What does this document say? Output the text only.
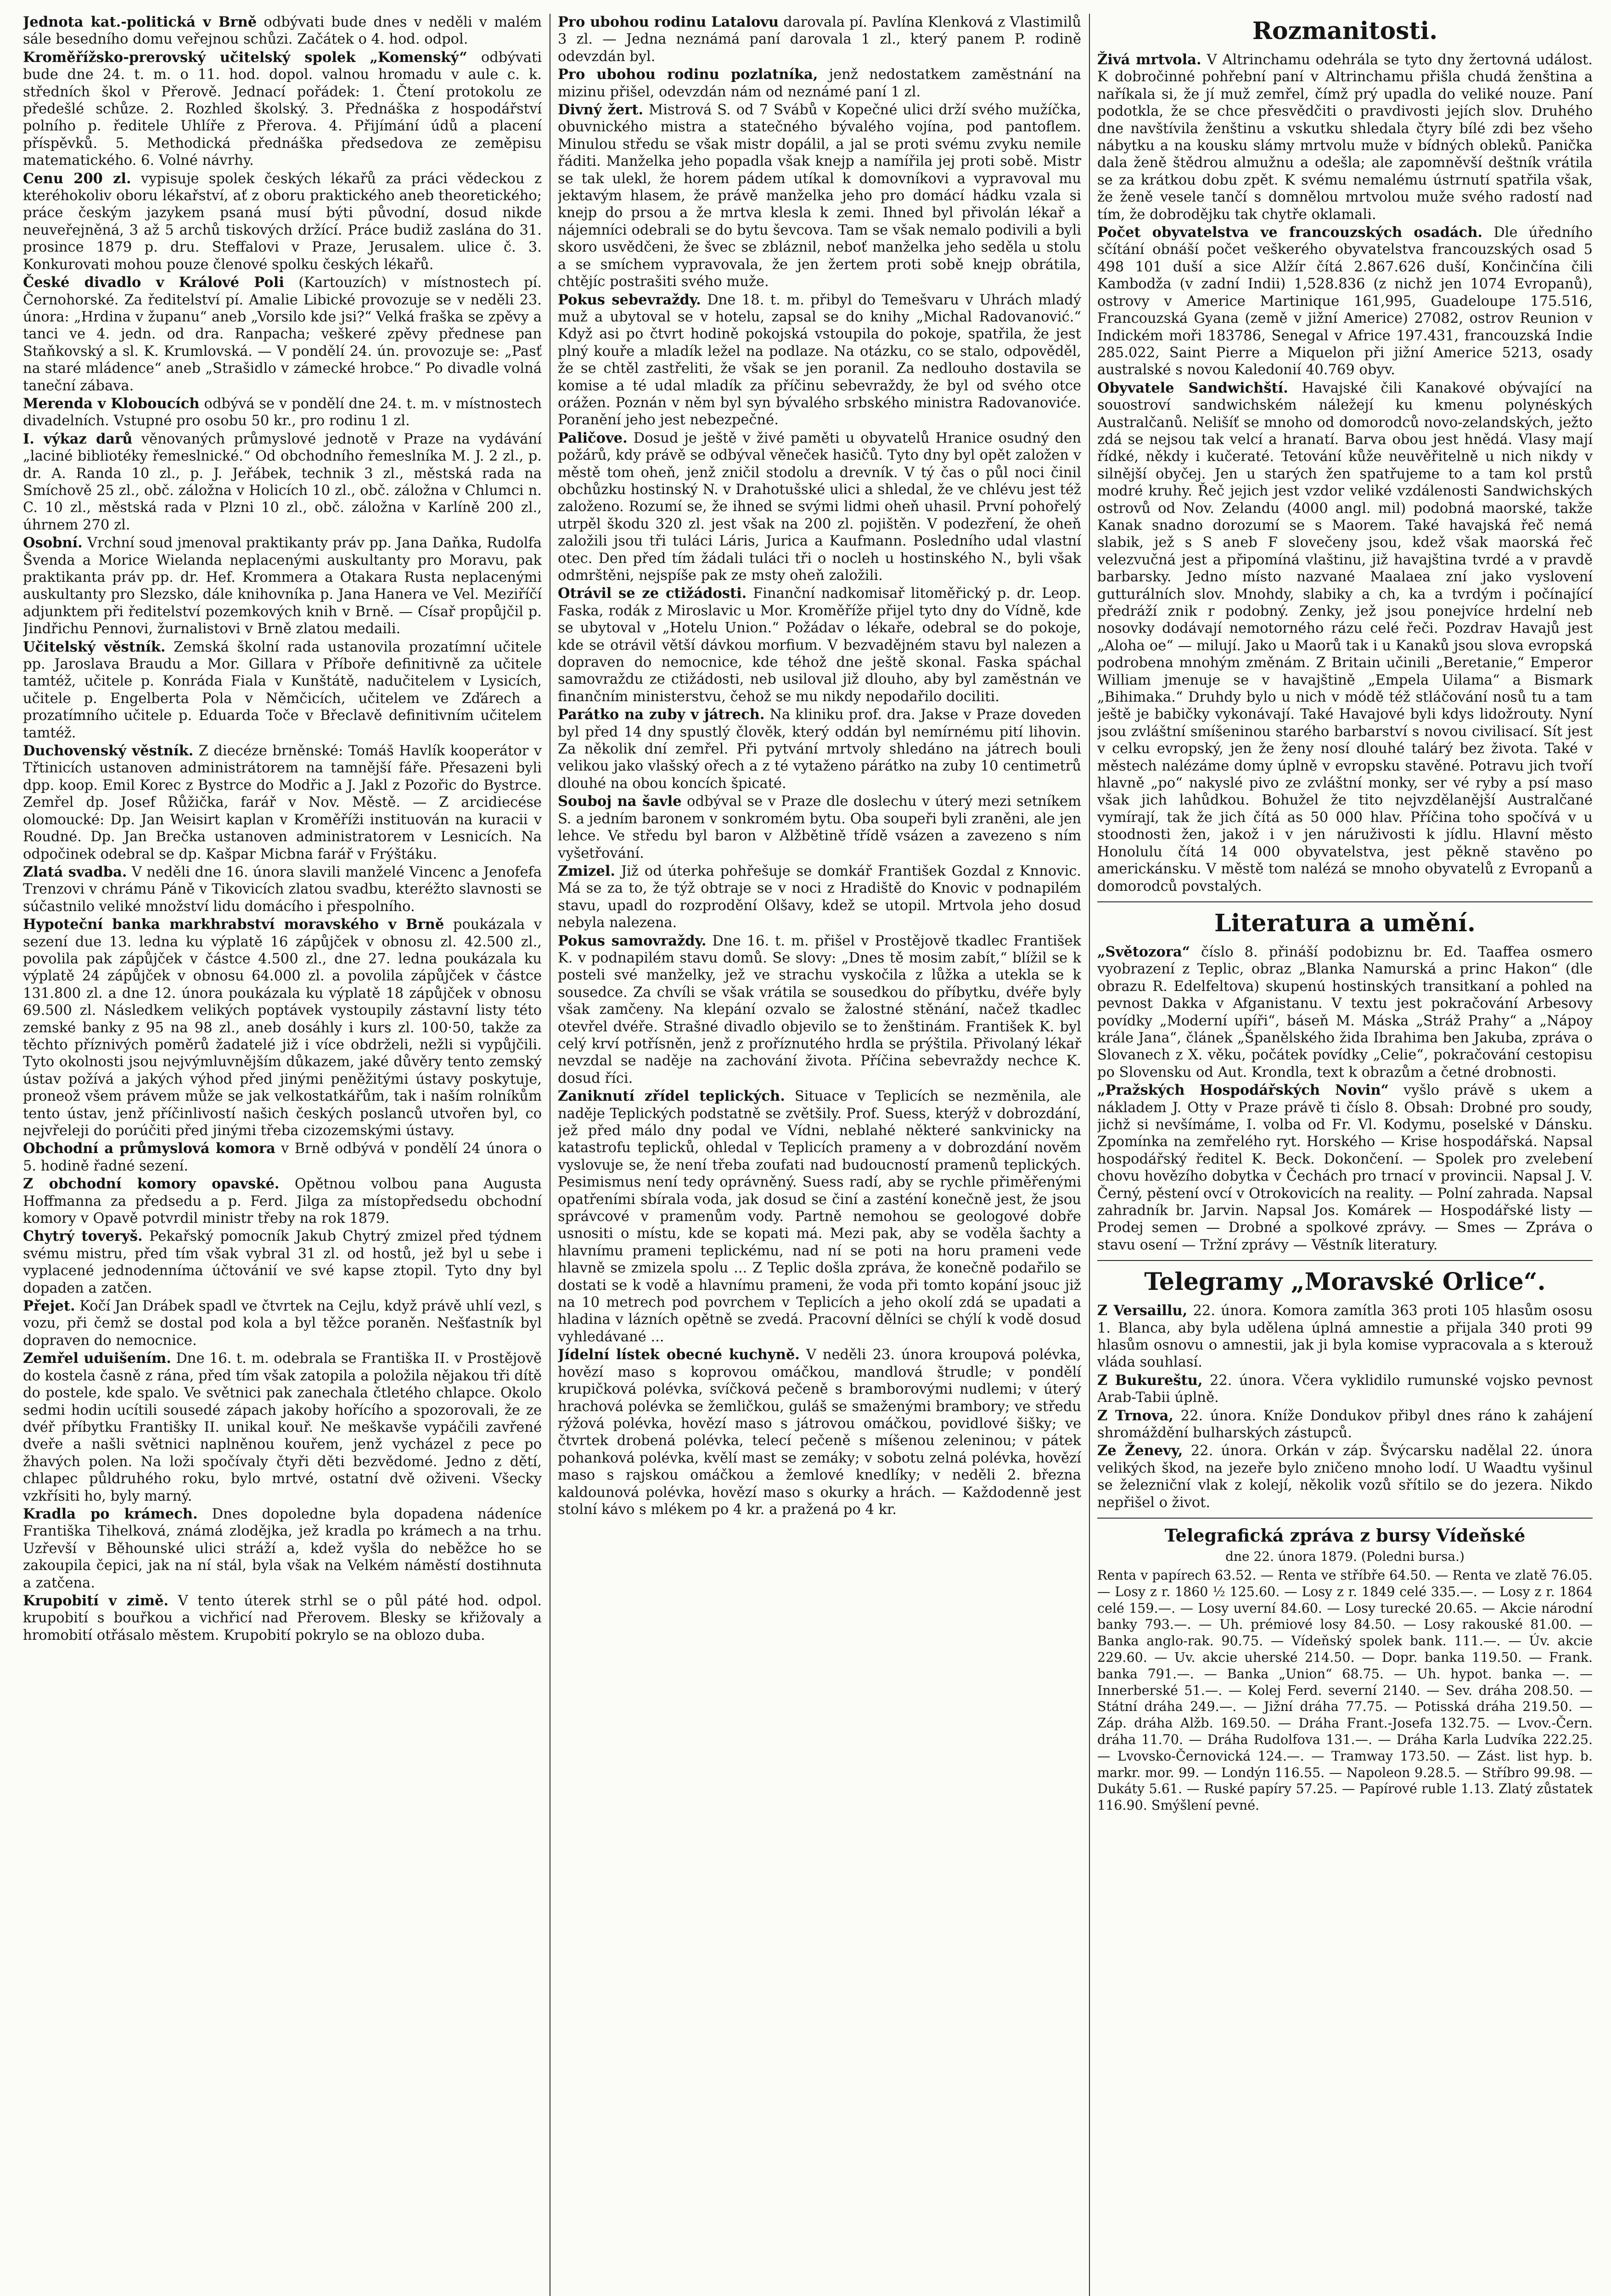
Jednota kat.-politická v Brně odbývati bude dnes v neděli v malém sále besedního domu veřejnou schůzi. Začátek o 4. hod. odpol.

Kroměřížsko-prerovský učitelský spolek „Komenský“ odbývati bude dne 24. t. m. o 11. hod. dopol. valnou hromadu v aule c. k. středních škol v Přerově. Jednací pořádek: 1. Čtení protokolu ze předešlé schůze. 2. Rozhled školský. 3. Přednáška z hospodářství polního p. ředitele Uhlíře z Přerova. 4. Přijímání údů a placení příspěvků. 5. Methodická přednáška předsedova ze zeměpisu matematického. 6. Volné návrhy.

Cenu 200 zl. vypisuje spolek českých lékařů za práci vědeckou z kteréhokoliv oboru lékařství, ať z oboru praktického aneb theoretického; práce českým jazykem psaná musí býti původní, dosud nikde neuveřejněná, 3 až 5 archů tiskových držící. Práce budiž zaslána do 31. prosince 1879 p. dru. Steffalovi v Praze, Jerusalem. ulice č. 3. Konkurovati mohou pouze členové spolku českých lékařů.

České divadlo v Králové Poli (Kartouzích) v místnostech pí. Černohorské. Za ředitelství pí. Amalie Libické provozuje se v neděli 23. února: „Hrdina v županu“ aneb „Vorsilo kde jsi?“ Velká fraška se zpěvy a tanci ve 4. jedn. od dra. Ranpacha; veškeré zpěvy přednese pan Staňkovský a sl. K. Krumlovská. — V pondělí 24. ún. provozuje se: „Pasť na staré mládence“ aneb „Strašidlo v zámecké hrobce.“ Po divadle volná taneční zábava.

Merenda v Kloboucích odbývá se v pondělí dne 24. t. m. v místnostech divadelních. Vstupné pro osobu 50 kr., pro rodinu 1 zl.

I. výkaz darů věnovaných průmyslové jednotě v Praze na vydávání „laciné bibliotéky řemeslnické.“ Od obchodního řemeslníka M. J. 2 zl., p. dr. A. Randa 10 zl., p. J. Jeřábek, technik 3 zl., městská rada na Smíchově 25 zl., obč. záložna v Holicích 10 zl., obč. záložna v Chlumci n. C. 10 zl., městská rada v Plzni 10 zl., obč. záložna v Karlíně 200 zl., úhrnem 270 zl.

Osobní. Vrchní soud jmenoval praktikanty práv pp. Jana Daňka, Rudolfa Švenda a Morice Wielanda neplacenými auskultanty pro Moravu, pak praktikanta práv pp. dr. Hef. Krommera a Otakara Rusta neplacenými auskultanty pro Slezsko, dále knihovníka p. Jana Hanera ve Vel. Meziříčí adjunktem při ředitelství pozemkových knih v Brně. — Císař propůjčil p. Jindřichu Pennovi, žurnalistovi v Brně zlatou medaili.

Učitelský věstník. Zemská školní rada ustanovila prozatímní učitele pp. Jaroslava Braudu a Mor. Gillara v Příboře definitivně za učitele tamtéž, učitele p. Konráda Fiala v Kunštátě, nadučitelem v Lysicích, učitele p. Engelberta Pola v Němčicích, učitelem ve Zďárech a prozatímního učitele p. Eduarda Toče v Břeclavě definitivním učitelem tamtéž.

Duchovenský věstník. Z diecéze brněnské: Tomáš Havlík kooperátor v Třtinicích ustanoven administrátorem na tamnější fáře. Přesazeni byli dpp. koop. Emil Korec z Bystrce do Modřic a J. Jakl z Pozořic do Bystrce. Zemřel dp. Josef Růžička, farář v Nov. Městě. — Z arcidiecése olomoucké: Dp. Jan Weisirt kaplan v Kroměříži instituován na kuracii v Roudné. Dp. Jan Brečka ustanoven administratorem v Lesnicích. Na odpočinek odebral se dp. Kašpar Micbna farář v Frýštáku.

Zlatá svadba. V neděli dne 16. února slavili manželé Vincenc a Jenofefa Trenzovi v chrámu Páně v Tikovicích zlatou svadbu, kteréžto slavnosti se súčastnilo veliké množství lidu domácího i přespolního.

Hypoteční banka markhrabství moravského v Brně poukázala v sezení due 13. ledna ku výplatě 16 zápůjček v obnosu zl. 42.500 zl., povolila pak zápůjček v částce 4.500 zl., dne 27. ledna poukázala ku výplatě 24 zápůjček v obnosu 64.000 zl. a povolila zápůjček v částce 131.800 zl. a dne 12. února poukázala ku výplatě 18 zápůjček v obnosu 69.500 zl. Následkem velikých poptávek vystoupily zástavní listy této zemské banky z 95 na 98 zl., aneb dosáhly i kurs zl. 100·50, takže za těchto příznivých poměrů žadatelé již i více obdrželi, nežli si vypůjčili. Tyto okolnosti jsou nejvýmluvnějším důkazem, jaké důvěry tento zemský ústav požívá a jakých výhod před jinými peněžitými ústavy poskytuje, proneož všem právem může se jak velkostatkářům, tak i naším rolníkům tento ústav, jenž příčinlivostí našich českých poslanců utvořen byl, co nejvřeleji do porúčiti před jinými třeba cizozemskými ústavy.

Obchodní a průmyslová komora v Brně odbývá v pondělí 24 února o 5. hodině řadné sezení.

Z obchodní komory opavské. Opětnou volbou pana Augusta Hoffmanna za předsedu a p. Ferd. Jilga za místopředsedu obchodní komory v Opavě potvrdil ministr třeby na rok 1879.

Chytrý toveryš. Pekařský pomocník Jakub Chytrý zmizel před týdnem svému mistru, před tím však vybral 31 zl. od hostů, jež byl u sebe i vyplacené jednodenníma účtovánií ve své kapse ztopil. Tyto dny byl dopaden a zatčen.

Přejet. Kočí Jan Drábek spadl ve čtvrtek na Cejlu, když právě uhlí vezl, s vozu, při čemž se dostal pod kola a byl těžce poraněn. Nešťastník byl dopraven do nemocnice.

Zemřel uduišením. Dne 16. t. m. odebrala se Františka II. v Prostějově do kostela časně z rána, před tím však zatopila a položila nějakou tři dítě do postele, kde spalo. Ve světnici pak zanechala čtletého chlapce. Okolo sedmi hodin ucítili sousedé zápach jakoby hořícího a spozorovali, že ze dvéř příbytku Františky II. unikal kouř. Ne meškavše vypáčili zavřené dveře a našli světnici naplněnou kouřem, jenž vycházel z pece po žhavých polen. Na loži spočívaly čtyři děti bezvědomé. Jedno z dětí, chlapec půldruhého roku, bylo mrtvé, ostatní dvě oživeni. Všecky vzkřísiti ho, byly marný.

Kradla po krámech. Dnes dopoledne byla dopadena nádeníce Františka Tihelková, známá zlodějka, jež kradla po krámech a na trhu. Uzřevší v Běhounské ulici stráží a, kdež vyšla do neběžce ho se zakoupila čepici, jak na ní stál, byla však na Velkém náměstí dostihnuta a zatčena.

Krupobití v zimě. V tento úterek strhl se o půl páté hod. odpol. krupobití s bouřkou a vichřicí nad Přerovem. Blesky se křižovaly a hromobití otřásalo městem. Krupobití pokrylo se na oblozo duba.

Pro ubohou rodinu Latalovu darovala pí. Pavlína Klenková z Vlastimilů 3 zl. — Jedna neznámá paní darovala 1 zl., který panem P. rodině odevzdán byl.

Pro ubohou rodinu pozlatníka, jenž nedostatkem zaměstnání na mizinu přišel, odevzdán nám od neznámé paní 1 zl.

Divný žert. Mistrová S. od 7 Svábů v Kopečné ulici drží svého mužíčka, obuvnického mistra a statečného bývalého vojína, pod pantoflem. Minulou středu se však mistr dopálil, a jal se proti svému zvyku nemile řáditi. Manželka jeho popadla však knejp a namířila jej proti sobě. Mistr se tak ulekl, že horem pádem utíkal k domovníkovi a vypravoval mu jektavým hlasem, že právě manželka jeho pro domácí hádku vzala si knejp do prsou a že mrtva klesla k zemi. Ihned byl přivolán lékař a nájemníci odebrali se do bytu ševcova. Tam se však nemalo podivili a byli skoro usvědčeni, že švec se zbláznil, neboť manželka jeho seděla u stolu a se smíchem vypravovala, že jen žertem proti sobě knejp obrátila, chtějíc postrašiti svého muže.

Pokus sebevraždy. Dne 18. t. m. přibyl do Temešvaru v Uhrách mladý muž a ubytoval se v hotelu, zapsal se do knihy „Michal Radovanović.“ Když asi po čtvrt hodině pokojská vstoupila do pokoje, spatřila, že jest plný kouře a mladík ležel na podlaze. Na otázku, co se stalo, odpověděl, že se chtěl zastřeliti, že však se jen poranil. Za nedlouho dostavila se komise a té udal mladík za příčinu sebevraždy, že byl od svého otce orážen. Poznán v něm byl syn bývalého srbského ministra Radovanoviće. Poranění jeho jest nebezpečné.

Paličove. Dosud je ještě v živé paměti u obyvatelů Hranice osudný den požárů, kdy právě se odbýval věneček hasičů. Tyto dny byl opět založen v městě tom oheň, jenž zničil stodolu a drevník. V tý čas o půl noci činil obchůzku hostinský N. v Drahotušské ulici a shledal, že ve chlévu jest též založeno. Rozumí se, že ihned se svými lidmi oheň uhasil. První pohořelý utrpěl škodu 320 zl. jest však na 200 zl. pojištěn. V podezření, že oheň založili jsou tři tuláci Láris, Jurica a Kaufmann. Posledního udal vlastní otec. Den před tím žádali tuláci tři o nocleh u hostinského N., byli však odmrštěni, nejspíše pak ze msty oheň založili.

Otrávil se ze ctižádosti. Finanční nadkomisař litoměřický p. dr. Leop. Faska, rodák z Miroslavic u Mor. Kroměříže přijel tyto dny do Vídně, kde se ubytoval v „Hotelu Union.“ Požádav o lékaře, odebral se do pokoje, kde se otrávil větší dávkou morfium. V bezvadějném stavu byl nalezen a dopraven do nemocnice, kde téhož dne ještě skonal. Faska spáchal samovraždu ze ctižádosti, neb usiloval již dlouho, aby byl zaměstnán ve finančním ministerstvu, čehož se mu nikdy nepodařilo dociliti.

Parátko na zuby v játrech. Na kliniku prof. dra. Jakse v Praze doveden byl před 14 dny spustlý člověk, který oddán byl nemírnému pití lihovin. Za několik dní zemřel. Při pytvání mrtvoly shledáno na játrech bouli velikou jako vlašský ořech a z té vytaženo párátko na zuby 10 centimetrů dlouhé na obou koncích špicaté.

Souboj na šavle odbýval se v Praze dle doslechu v úterý mezi setníkem S. a jedním baronem v sonkromém bytu. Oba soupeři byli zraněni, ale jen lehce. Ve středu byl baron v Alžbětině třídě vsázen a zavezeno s ním vyšetřování.

Zmizel. Již od úterka pohřešuje se domkář František Gozdal z Knnovic. Má se za to, že týž obtraje se v noci z Hradiště do Knovic v podnapilém stavu, upadl do rozprodění Olšavy, kdež se utopil. Mrtvola jeho dosud nebyla nalezena.

Pokus samovraždy. Dne 16. t. m. přišel v Prostějově tkadlec František K. v podnapilém stavu domů. Se slovy: „Dnes tě mosim zabít,“ blížil se k posteli své manželky, jež ve strachu vyskočila z lůžka a utekla se k sousedce. Za chvíli se však vrátila se sousedkou do příbytku, dvéře byly však zamčeny. Na klepání ozvalo se žalostné stěnání, načež tkadlec otevřel dvéře. Strašné divadlo objevilo se to ženštinám. František K. byl celý krví potřísněn, jenž z proříznutého hrdla se prýštila. Přivolaný lékař nevzdal se naděje na zachování života. Příčina sebevraždy nechce K. dosud říci.

Zaniknutí zřídel teplických. Situace v Teplicích se nezměnila, ale naděje Teplických podstatně se zvětšily. Prof. Suess, kterýž v dobrozdání, jež před málo dny podal ve Vídni, neblahé některé sankvinicky na katastrofu teplicků, ohledal v Teplicích prameny a v dobrozdání nověm vyslovuje se, že není třeba zoufati nad budoucností pramenů teplických. Pesimismus není tedy oprávněný. Suess radí, aby se rychle přiměřenými opatřeními sbírala voda, jak dosud se činí a zasténí konečně jest, že jsou správcové v pramenům vody. Partně nemohou se geologové dobře usnositi o místu, kde se kopati má. Mezi pak, aby se voděla šachty a hlavnímu prameni teplickému, nad ní se poti na horu prameni vede hlavně se zmizela spolu ... Z Teplic došla zpráva, že konečně podařilo se dostati se k vodě a hlavnímu prameni, že voda při tomto kopání jsouc již na 10 metrech pod povrchem v Teplicích a jeho okolí zdá se upadati a hladina v lázních opětně se zvedá. Pracovní dělníci se chýlí k vodě dosud vyhledávané ...

Jídelní lístek obecné kuchyně. V neděli 23. února kroupová polévka, hovězí maso s koprovou omáčkou, mandlová štrudle; v pondělí krupičková polévka, svíčková pečeně s bramborovými nudlemi; v úterý hrachová polévka se žemličkou, guláš se smaženými brambory; ve středu rýžová polévka, hovězí maso s játrovou omáčkou, povidlové šišky; ve čtvrtek drobená polévka, telecí pečeně s míšenou zeleninou; v pátek pohanková polévka, kvělí mast se zemáky; v sobotu zelná polévka, hovězí maso s rajskou omáčkou a žemlové knedlíky; v neděli 2. března kaldounová polévka, hovězí maso s okurky a hrách. — Každodenně jest stolní kávo s mlékem po 4 kr. a pražená po 4 kr.

Rozmanitosti.

Živá mrtvola. V Altrinchamu odehrála se tyto dny žertovná událost. K dobročinné pohřební paní v Altrinchamu přišla chudá ženština a naříkala si, že jí muž zemřel, čímž prý upadla do veliké nouze. Paní podotkla, že se chce přesvědčiti o pravdivosti jejích slov. Druhého dne navštívila ženštinu a vskutku shledala čtyry bílé zdi bez všeho nábytku a na kousku slámy mrtvolu muže v bídných obleků. Panička dala ženě štědrou almužnu a odešla; ale zapomněvší deštník vrátila se za krátkou dobu zpět. K svému nemalému ústrnutí spatřila však, že ženě vesele tančí s domnělou mrtvolou muže svého radostí nad tím, že dobrodějku tak chytře oklamali.

Počet obyvatelstva ve francouzských osadách. Dle úředního sčítání obnáší počet veškerého obyvatelstva francouzských osad 5 498 101 duší a sice Alžír čítá 2.867.626 duší, Končinčína čili Kambodža (v zadní Indii) 1,528.836 (z nichž jen 1074 Evropanů), ostrovy v Americe Martinique 161,995, Guadeloupe 175.516, Francouzská Gyana (země v jižní Americe) 27082, ostrov Reunion v Indickém moři 183786, Senegal v Africe 197.431, francouzská Indie 285.022, Saint Pierre a Miquelon při jižní Americe 5213, osady australské s novou Kaledonií 40.769 obyv.

Obyvatele Sandwichští. Havajské čili Kanakové obývající na souostroví sandwichském náležejí ku kmenu polynéských Australčanů. Nelišíť se mnoho od domorodců novo-zelandských, ježto zdá se nejsou tak velcí a hranatí. Barva obou jest hnědá. Vlasy mají řídké, někdy i kučeraté. Tetování kůže neuvěřitelně u nich nikdy v silnější obyčej. Jen u starých žen spatřujeme to a tam kol prstů modré kruhy. Řeč jejich jest vzdor veliké vzdálenosti Sandwichských ostrovů od Nov. Zelandu (4000 angl. mil) podobná maorské, takže Kanak snadno dorozumí se s Maorem. Také havajská řeč nemá slabik, jež s S aneb F slovečeny jsou, kdež však maorská řeč velezvučná jest a připomíná vlaštinu, již havajština tvrdé a v pravdě barbarsky. Jedno místo nazvané Maalaea zní jako vyslovení gutturálních slov. Mnohdy, slabiky a ch, ka a tvrdým i počínající předráží znik r podobný. Zenky, jež jsou ponejvíce hrdelní neb nosovky dodávají nemotorného rázu celé řeči. Pozdrav Havajů jest „Aloha oe“ — milují. Jako u Maorů tak i u Kanaků jsou slova evropská podrobena mnohým změnám. Z Britain učinili „Beretanie,“ Emperor William jmenuje se v havajštině „Empela Uilama“ a Bismark „Bihimaka.“ Druhdy bylo u nich v módě též stláčování nosů tu a tam ještě je babičky vykonávají. Také Havajové byli kdys lidožrouty. Nyní jsou zvláštní smíšeninou starého barbarství s novou civilisací. Sít jest v celku evropský, jen že ženy nosí dlouhé talárý bez života. Také v městech nalézáme domy úplně v evropsku stavěné. Potravu jich tvoří hlavně „po“ nakyslé pivo ze zvláštní monky, ser vé ryby a psí maso však jich lahůdkou. Bohužel že tito nejvzdělanější Australčané vymírají, tak že jich čítá as 50 000 hlav. Příčina toho spočívá v u stoodnosti žen, jakož i v jen náruživosti k jídlu. Hlavní město Honolulu čítá 14 000 obyvatelstva, jest pěkně stavěno po americkánsku. V městě tom nalézá se mnoho obyvatelů z Evropanů a domorodců povstalých.

Literatura a umění.

„Světozora“ číslo 8. přináší podobiznu br. Ed. Taaffea osmero vyobrazení z Teplic, obraz „Blanka Namurská a princ Hakon“ (dle obrazu R. Edelfeltova) skupenú hostinských transitkaní a pohled na pevnost Dakka v Afganistanu. V textu jest pokračování Arbesovy povídky „Moderní upíři“, báseň M. Máska „Stráž Prahy“ a „Nápoy krále Jana“, článek „Španělského žida Ibrahima ben Jakuba, zpráva o Slovanech z X. věku, počátek povídky „Celie“, pokračování cestopisu po Slovensku od Aut. Krondla, text k obrazům a četné drobnosti.

„Pražských Hospodářských Novin“ vyšlo právě s ukem a nákladem J. Otty v Praze právě ti číslo 8. Obsah: Drobné pro soudy, jichž si nevšímáme, I. volba od Fr. Vl. Kodymu, poselské v Dánsku. Zpomínka na zemřelého ryt. Horského — Krise hospodářská. Napsal hospodářský ředitel K. Beck. Dokončení. — Spolek pro zvelebení chovu hovězího dobytka v Čechách pro trnací v provincii. Napsal J. V. Černý, pěstení ovcí v Otrokovicích na reality. — Polní zahrada. Napsal zahradník br. Jarvin. Napsal Jos. Komárek — Hospodářské listy — Prodej semen — Drobné a spolkové zprávy. — Smes — Zpráva o stavu osení — Tržní zprávy — Věstník literatury.

Telegramy „Moravské Orlice“.

Z Versaillu, 22. února. Komora zamítla 363 proti 105 hlasům ososu 1. Blanca, aby byla udělena úplná amnestie a přijala 340 proti 99 hlasům osnovu o amnestii, jak ji byla komise vypracovala a s kterouž vláda souhlasí.

Z Bukureštu, 22. února. Včera vyklidilo rumunské vojsko pevnost Arab-Tabii úplně.

Z Trnova, 22. února. Kníže Dondukov přibyl dnes ráno k zahájení shromáždění bulharských zástupců.

Ze Ženevy, 22. února. Orkán v záp. Švýcarsku nadělal 22. února velikých škod, na jezeře bylo zničeno mnoho lodí. U Waadtu vyšinul se železniční vlak z kolejí, několik vozů sřítilo se do jezera. Nikdo nepřišel o život.

Telegrafická zpráva z bursy Vídeňské
dne 22. února 1879. (Poledni bursa.)

Renta v papírech 63.52. — Renta ve stříbře 64.50. — Renta ve zlatě 76.05. — Losy z r. 1860 ½ 125.60. — Losy z r. 1849 celé 335.—. — Losy z r. 1864 celé 159.—. — Losy uverní 84.60. — Losy turecké 20.65. — Akcie národní banky 793.—. — Uh. prémiové losy 84.50. — Losy rakouské 81.00. — Banka anglo-rak. 90.75. — Vídeňský spolek bank. 111.—. — Úv. akcie 229.60. — Uv. akcie uherské 214.50. — Dopr. banka 119.50. — Frank. banka 791.—. — Banka „Union“ 68.75. — Uh. hypot. banka —. — Innerberské 51.—. — Kolej Ferd. severní 2140. — Sev. dráha 208.50. — Státní dráha 249.—. — Jižní dráha 77.75. — Potisská dráha 219.50. — Záp. dráha Alžb. 169.50. — Dráha Frant.-Josefa 132.75. — Lvov.-Čern. dráha 11.70. — Dráha Rudolfova 131.—. — Dráha Karla Ludvíka 222.25. — Lvovsko-Černovická 124.—. — Tramway 173.50. — Zást. list hyp. b. markr. mor. 99. — Londýn 116.55. — Napoleon 9.28.5. — Stříbro 99.98. — Dukáty 5.61. — Ruské papíry 57.25. — Papírové ruble 1.13. Zlatý zůstatek 116.90. Smýšlení pevné.
